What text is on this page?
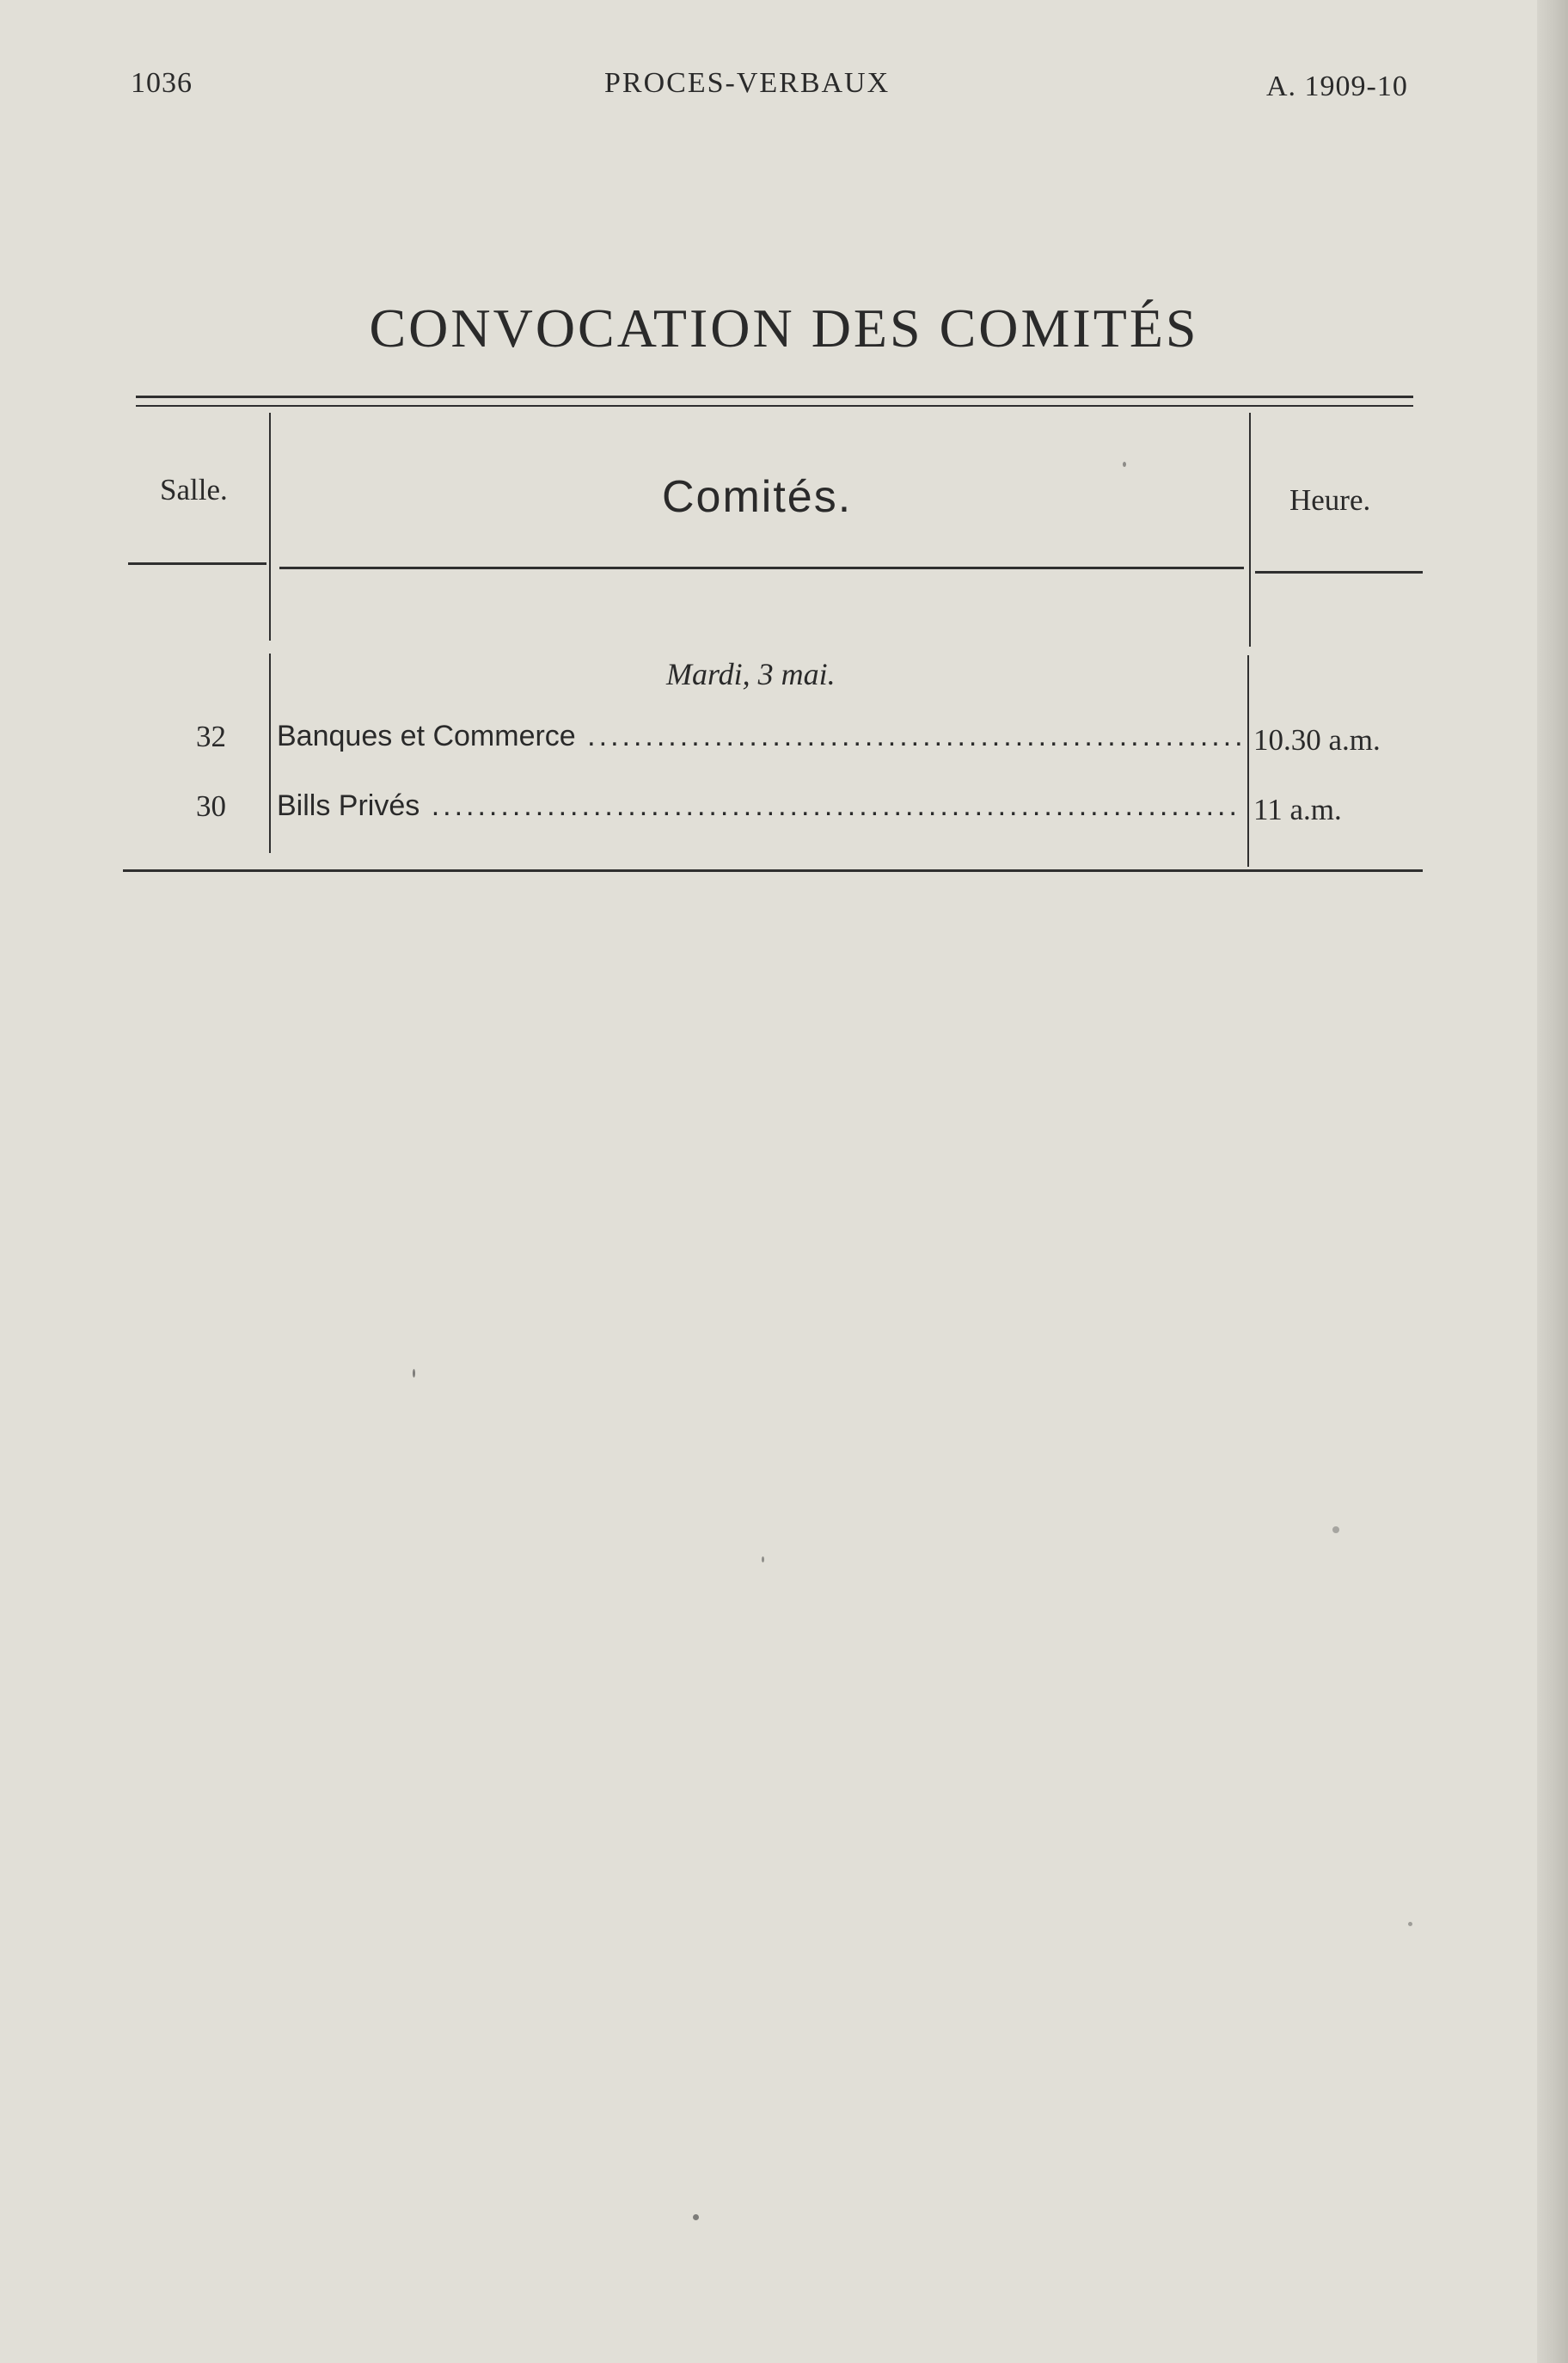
1036	PROCES-VERBAUX	A. 1909-10
CONVOCATION DES COMITÉS
Salle.	Comités.	Heure.
Mardi, 3 mai.
32 Banques et Commerce .....	10.30 a.m.
30 Bills Privés .....	11 a.m.
